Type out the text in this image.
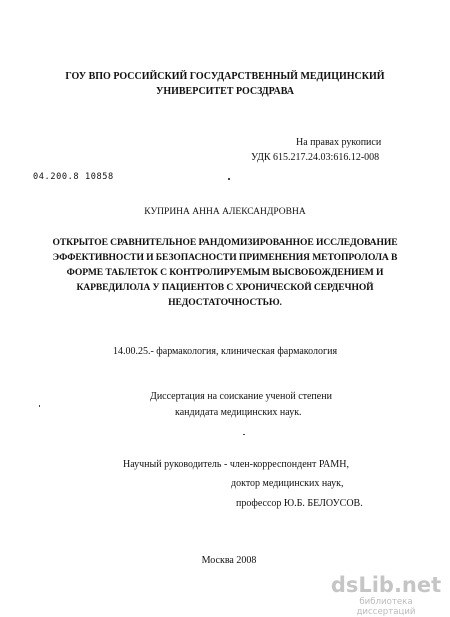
ГОУ ВПО РОССИЙСКИЙ ГОСУДАРСТВЕННЫЙ МЕДИЦИНСКИЙ
УНИВЕРСИТЕТ РОСЗДРАВА
На правах рукописи
УДК 615.217.24.03:616.12-008
04.200.8 10858
КУПРИНА АННА АЛЕКСАНДРОВНА
ОТКРЫТОЕ СРАВНИТЕЛЬНОЕ РАНДОМИЗИРОВАННОЕ ИССЛЕДОВАНИЕ
ЭФФЕКТИВНОСТИ И БЕЗОПАСНОСТИ ПРИМЕНЕНИЯ МЕТОПРОЛОЛА В
ФОРМЕ ТАБЛЕТОК С КОНТРОЛИРУЕМЫМ ВЫСВОБОЖДЕНИЕМ И
КАРВЕДИЛОЛА У ПАЦИЕНТОВ С ХРОНИЧЕСКОЙ СЕРДЕЧНОЙ
НЕДОСТАТОЧНОСТЬЮ.
14.00.25.- фармакология, клиническая фармакология
Диссертация на соискание ученой степени
кандидата медицинских наук.
Научный руководитель - член-корреспондент РАМН,
доктор медицинских наук,
профессор Ю.Б. БЕЛОУСОВ.
Москва 2008
dsLib.net
библиотека диссертаций
